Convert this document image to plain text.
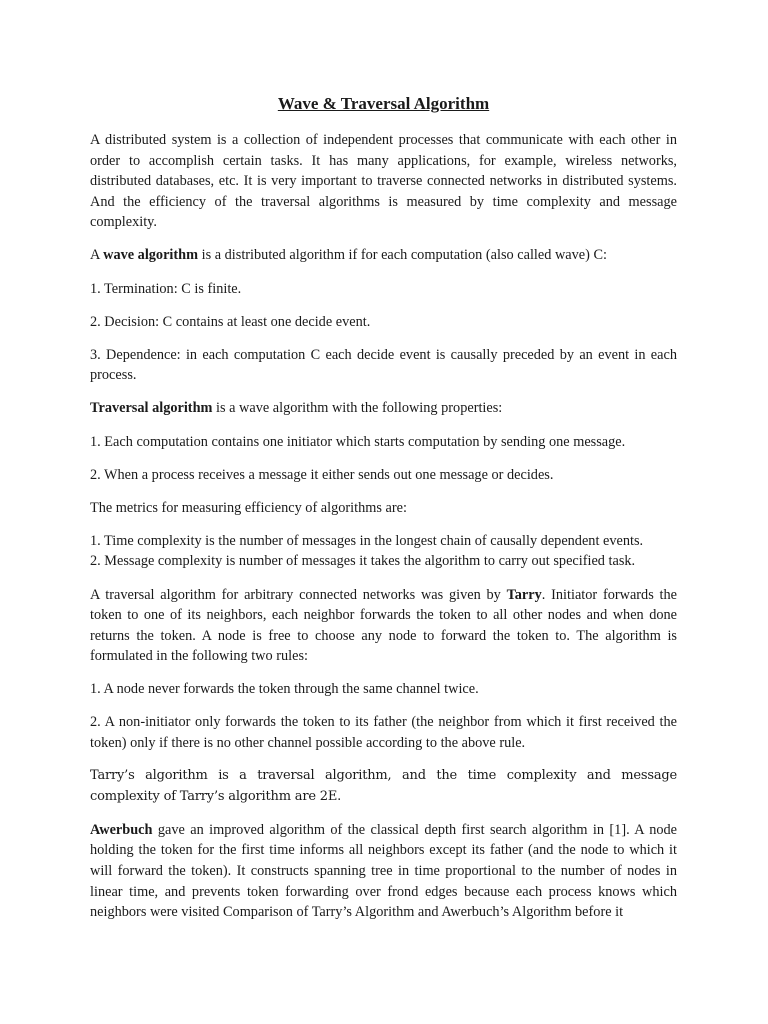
Wave & Traversal Algorithm

A distributed system is a collection of independent processes that communicate with each other in order to accomplish certain tasks. It has many applications, for example, wireless networks, distributed databases, etc. It is very important to traverse connected networks in distributed systems. And the efficiency of the traversal algorithms is measured by time complexity and message complexity.

A wave algorithm is a distributed algorithm if for each computation (also called wave) C:

1. Termination: C is finite.

2. Decision: C contains at least one decide event.

3. Dependence: in each computation C each decide event is causally preceded by an event in each process.

Traversal algorithm is a wave algorithm with the following properties:

1. Each computation contains one initiator which starts computation by sending one message.

2. When a process receives a message it either sends out one message or decides.

The metrics for measuring efficiency of algorithms are:

1. Time complexity is the number of messages in the longest chain of causally dependent events.

2. Message complexity is number of messages it takes the algorithm to carry out specified task.

A traversal algorithm for arbitrary connected networks was given by Tarry. Initiator forwards the token to one of its neighbors, each neighbor forwards the token to all other nodes and when done returns the token. A node is free to choose any node to forward the token to. The algorithm is formulated in the following two rules:

1. A node never forwards the token through the same channel twice.

2. A non-initiator only forwards the token to its father (the neighbor from which it first received the token) only if there is no other channel possible according to the above rule.

Tarry’s algorithm is a traversal algorithm, and the time complexity and message complexity of Tarry’s algorithm are 2E.

Awerbuch gave an improved algorithm of the classical depth first search algorithm in [1]. A node holding the token for the first time informs all neighbors except its father (and the node to which it will forward the token). It constructs spanning tree in time proportional to the number of nodes in linear time, and prevents token forwarding over frond edges because each process knows which neighbors were visited Comparison of Tarry’s Algorithm and Awerbuch’s Algorithm before it
